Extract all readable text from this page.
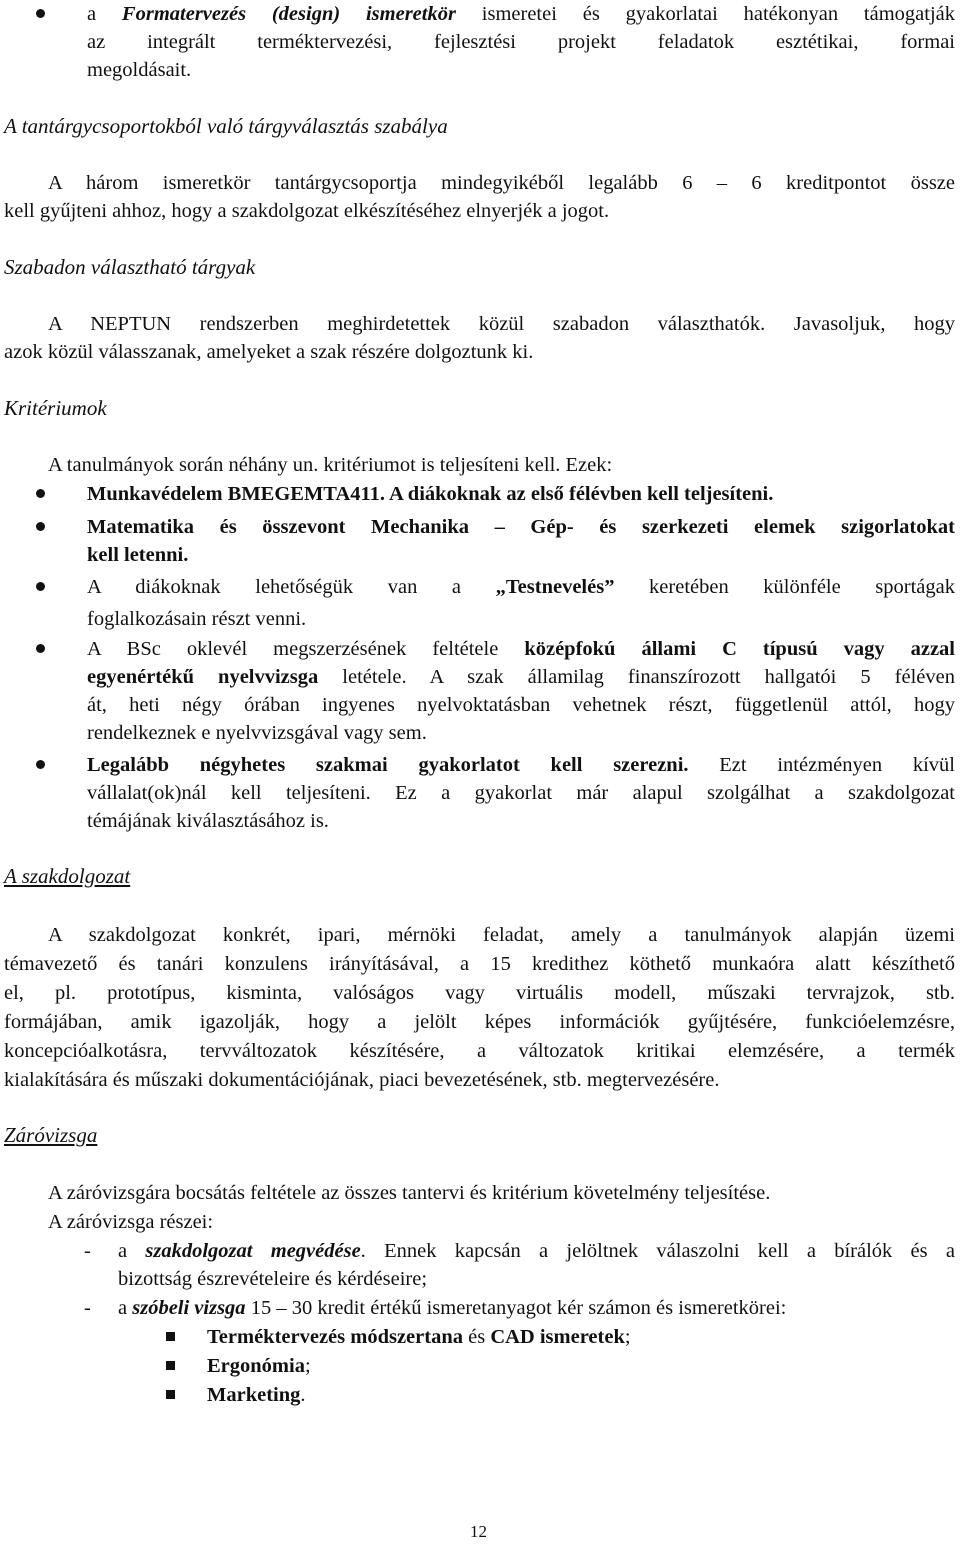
a Formatervezés (design) ismeretkör ismeretei és gyakorlatai hatékonyan támogatják
az integrált terméktervezési, fejlesztési projekt feladatok esztétikai, formai
megoldásait.
A tantárgycsoportokból való tárgyválasztás szabálya
A három ismeretkör tantárgycsoportja mindegyikéből legalább 6 – 6 kreditpontot össze
kell gyűjteni ahhoz, hogy a szakdolgozat elkészítéséhez elnyerjék a jogot.
Szabadon választható tárgyak
A NEPTUN rendszerben meghirdetettek közül szabadon választhatók. Javasoljuk, hogy
azok közül válasszanak, amelyeket a szak részére dolgoztunk ki.
Kritériumok
A tanulmányok során néhány un. kritériumot is teljesíteni kell. Ezek:
Munkavédelem BMEGEMTA411. A diákoknak az első félévben kell teljesíteni.
Matematika és összevont Mechanika – Gép- és szerkezeti elemek szigorlatokat
kell letenni.
A diákoknak lehetőségük van a „Testnevelés” keretében különféle sportágak
foglalkozásain részt venni.
A BSc oklevél megszerzésének feltétele középfokú állami C típusú vagy azzal
egyenértékű nyelvvizsga letétele. A szak államilag finanszírozott hallgatói 5 féléven
át, heti négy órában ingyenes nyelvoktatásban vehetnek részt, függetlenül attól, hogy
rendelkeznek e nyelvvizsgával vagy sem.
Legalább négyhetes szakmai gyakorlatot kell szerezni. Ezt intézményen kívül
vállalat(ok)nál kell teljesíteni. Ez a gyakorlat már alapul szolgálhat a szakdolgozat
témájának kiválasztásához is.
A szakdolgozat
A szakdolgozat konkrét, ipari, mérnöki feladat, amely a tanulmányok alapján üzemi
témavezető és tanári konzulens irányításával, a 15 kredithez köthető munkaóra alatt készíthető
el, pl. prototípus, kisminta, valóságos vagy virtuális modell, műszaki tervrajzok, stb.
formájában, amik igazolják, hogy a jelölt képes információk gyűjtésére, funkcióelemzésre,
koncepcióalkotásra, tervváltozatok készítésére, a változatok kritikai elemzésére, a termék
kialakítására és műszaki dokumentációjának, piaci bevezetésének, stb. megtervezésére.
Záróvizsga
A záróvizsgára bocsátás feltétele az összes tantervi és kritérium követelmény teljesítése.
A záróvizsga részei:
- a szakdolgozat megvédése. Ennek kapcsán a jelöltnek válaszolni kell a bírálók és a
bizottság észrevételeire és kérdéseire;
- a szóbeli vizsga 15 – 30 kredit értékű ismeretanyagot kér számon és ismeretkörei:
Terméktervezés módszertana és CAD ismeretek;
Ergonómia;
Marketing.
12
